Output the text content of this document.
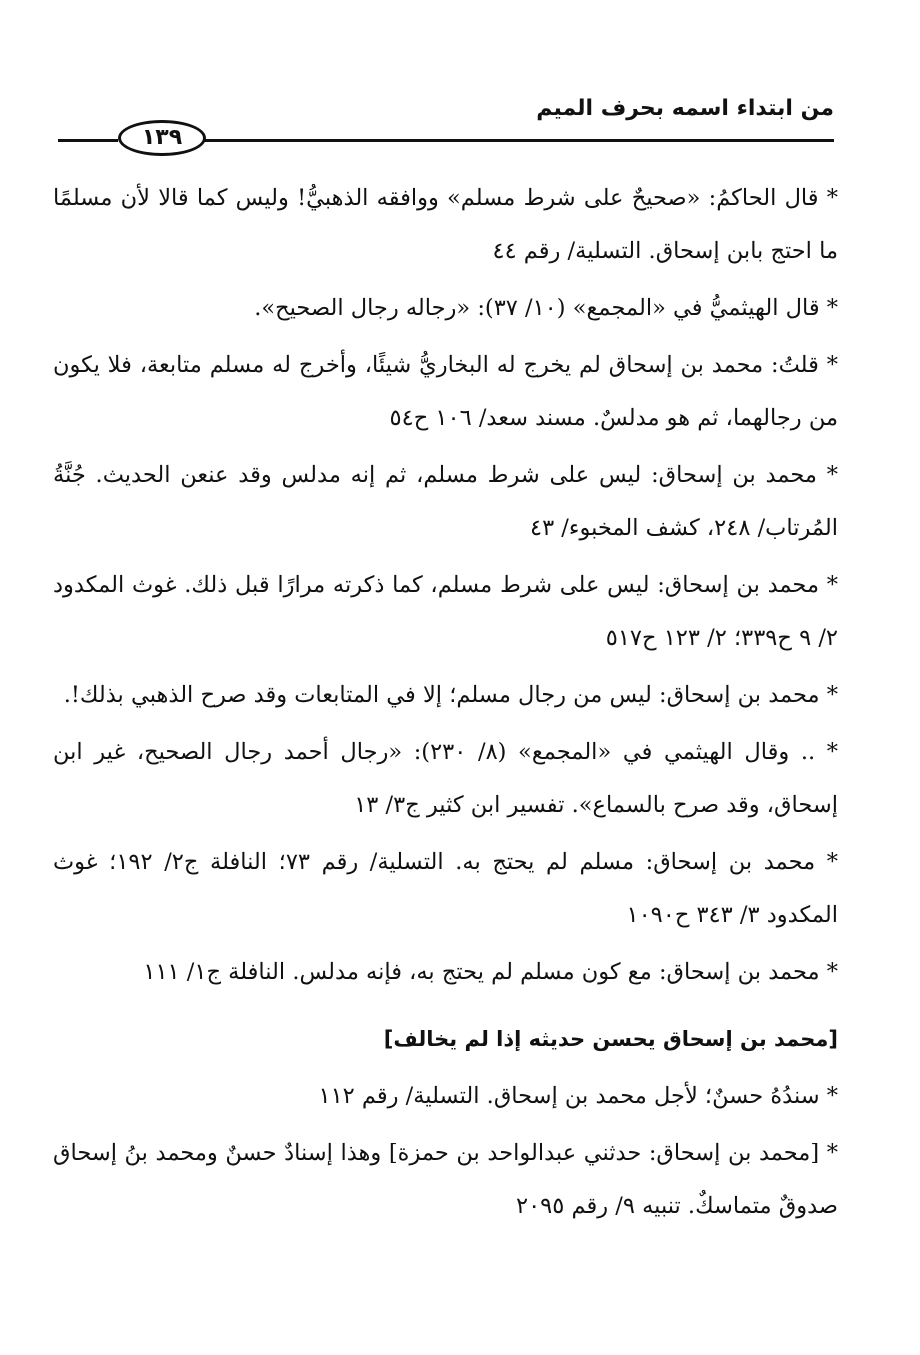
من ابتداء اسمه بحرف الميم
١٣٩

* قال الحاكمُ: «صحيحٌ على شرط مسلم» ووافقه الذهبيُّ! وليس كما قالا لأن مسلمًا ما احتج بابن إسحاق. التسلية/ رقم ٤٤

* قال الهيثميُّ في «المجمع» (١٠/ ٣٧): «رجاله رجال الصحيح».

* قلتُ: محمد بن إسحاق لم يخرج له البخاريُّ شيئًا، وأخرج له مسلم متابعة، فلا يكون من رجالهما، ثم هو مدلسٌ. مسند سعد/ ١٠٦ ح٥٤

* محمد بن إسحاق: ليس على شرط مسلم، ثم إنه مدلس وقد عنعن الحديث. جُنَّةُ المُرتاب/ ٢٤٨، كشف المخبوء/ ٤٣

* محمد بن إسحاق: ليس على شرط مسلم، كما ذكرته مرارًا قبل ذلك. غوث المكدود ٢/ ٩ ح٣٣٩؛ ٢/ ١٢٣ ح٥١٧

* محمد بن إسحاق: ليس من رجال مسلم؛ إلا في المتابعات وقد صرح الذهبي بذلك!.

* .. وقال الهيثمي في «المجمع» (٨/ ٢٣٠): «رجال أحمد رجال الصحيح، غير ابن إسحاق، وقد صرح بالسماع». تفسير ابن كثير ج٣/ ١٣

* محمد بن إسحاق: مسلم لم يحتج به. التسلية/ رقم ٧٣؛ النافلة ج٢/ ١٩٢؛ غوث المكدود ٣/ ٣٤٣ ح١٠٩٠

* محمد بن إسحاق: مع كون مسلم لم يحتج به، فإنه مدلس. النافلة ج١/ ١١١

[محمد بن إسحاق يحسن حديثه إذا لم يخالف]

* سندُهُ حسنٌ؛ لأجل محمد بن إسحاق. التسلية/ رقم ١١٢

* [محمد بن إسحاق: حدثني عبدالواحد بن حمزة] وهذا إسنادٌ حسنٌ ومحمد بنُ إسحاق صدوقٌ متماسكٌ. تنبيه ٩/ رقم ٢٠٩٥
